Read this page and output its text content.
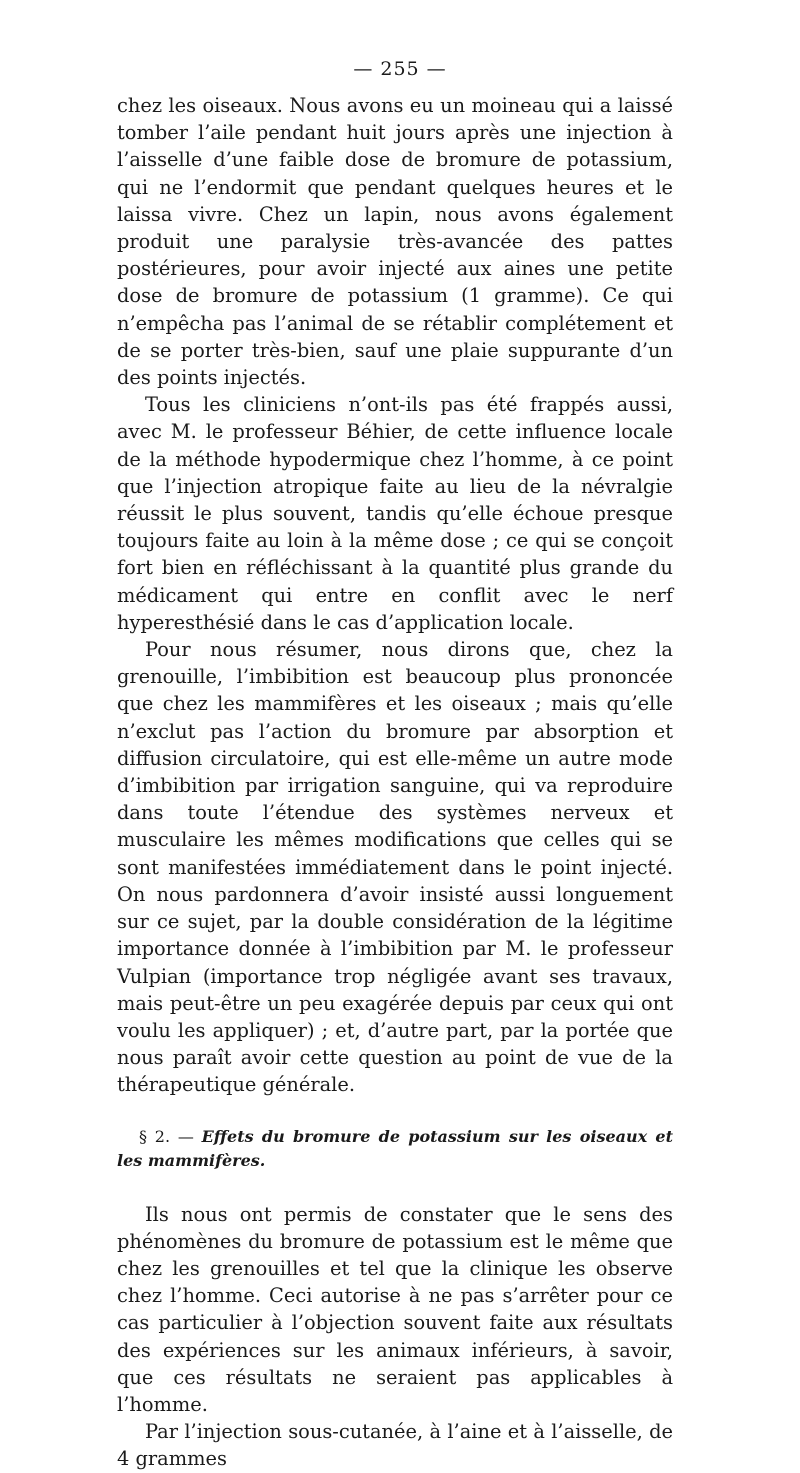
— 255 —

chez les oiseaux. Nous avons eu un moineau qui a laissé tomber l’aile pendant huit jours après une injection à l’aisselle d’une faible dose de bromure de potassium, qui ne l’endormit que pendant quelques heures et le laissa vivre. Chez un lapin, nous avons également produit une paralysie très-avancée des pattes postérieures, pour avoir injecté aux aines une petite dose de bromure de potassium (1 gramme). Ce qui n’empêcha pas l’animal de se rétablir complétement et de se porter très-bien, sauf une plaie suppurante d’un des points injectés.

Tous les cliniciens n’ont-ils pas été frappés aussi, avec M. le professeur Béhier, de cette influence locale de la méthode hypodermique chez l’homme, à ce point que l’injection atropique faite au lieu de la névralgie réussit le plus souvent, tandis qu’elle échoue presque toujours faite au loin à la même dose ; ce qui se conçoit fort bien en réfléchissant à la quantité plus grande du médicament qui entre en conflit avec le nerf hyperesthésié dans le cas d’application locale.

Pour nous résumer, nous dirons que, chez la grenouille, l’imbibition est beaucoup plus prononcée que chez les mammifères et les oiseaux ; mais qu’elle n’exclut pas l’action du bromure par absorption et diffusion circulatoire, qui est elle-même un autre mode d’imbibition par irrigation sanguine, qui va reproduire dans toute l’étendue des systèmes nerveux et musculaire les mêmes modifications que celles qui se sont manifestées immédiatement dans le point injecté. On nous pardonnera d’avoir insisté aussi longuement sur ce sujet, par la double considération de la légitime importance donnée à l’imbibition par M. le professeur Vulpian (importance trop négligée avant ses travaux, mais peut-être un peu exagérée depuis par ceux qui ont voulu les appliquer) ; et, d’autre part, par la portée que nous paraît avoir cette question au point de vue de la thérapeutique générale.

§ 2. — Effets du bromure de potassium sur les oiseaux et les mammifères.

Ils nous ont permis de constater que le sens des phénomènes du bromure de potassium est le même que chez les grenouilles et tel que la clinique les observe chez l’homme. Ceci autorise à ne pas s’arrêter pour ce cas particulier à l’objection souvent faite aux résultats des expériences sur les animaux inférieurs, à savoir, que ces résultats ne seraient pas applicables à l’homme.

Par l’injection sous-cutanée, à l’aine et à l’aisselle, de 4 grammes
